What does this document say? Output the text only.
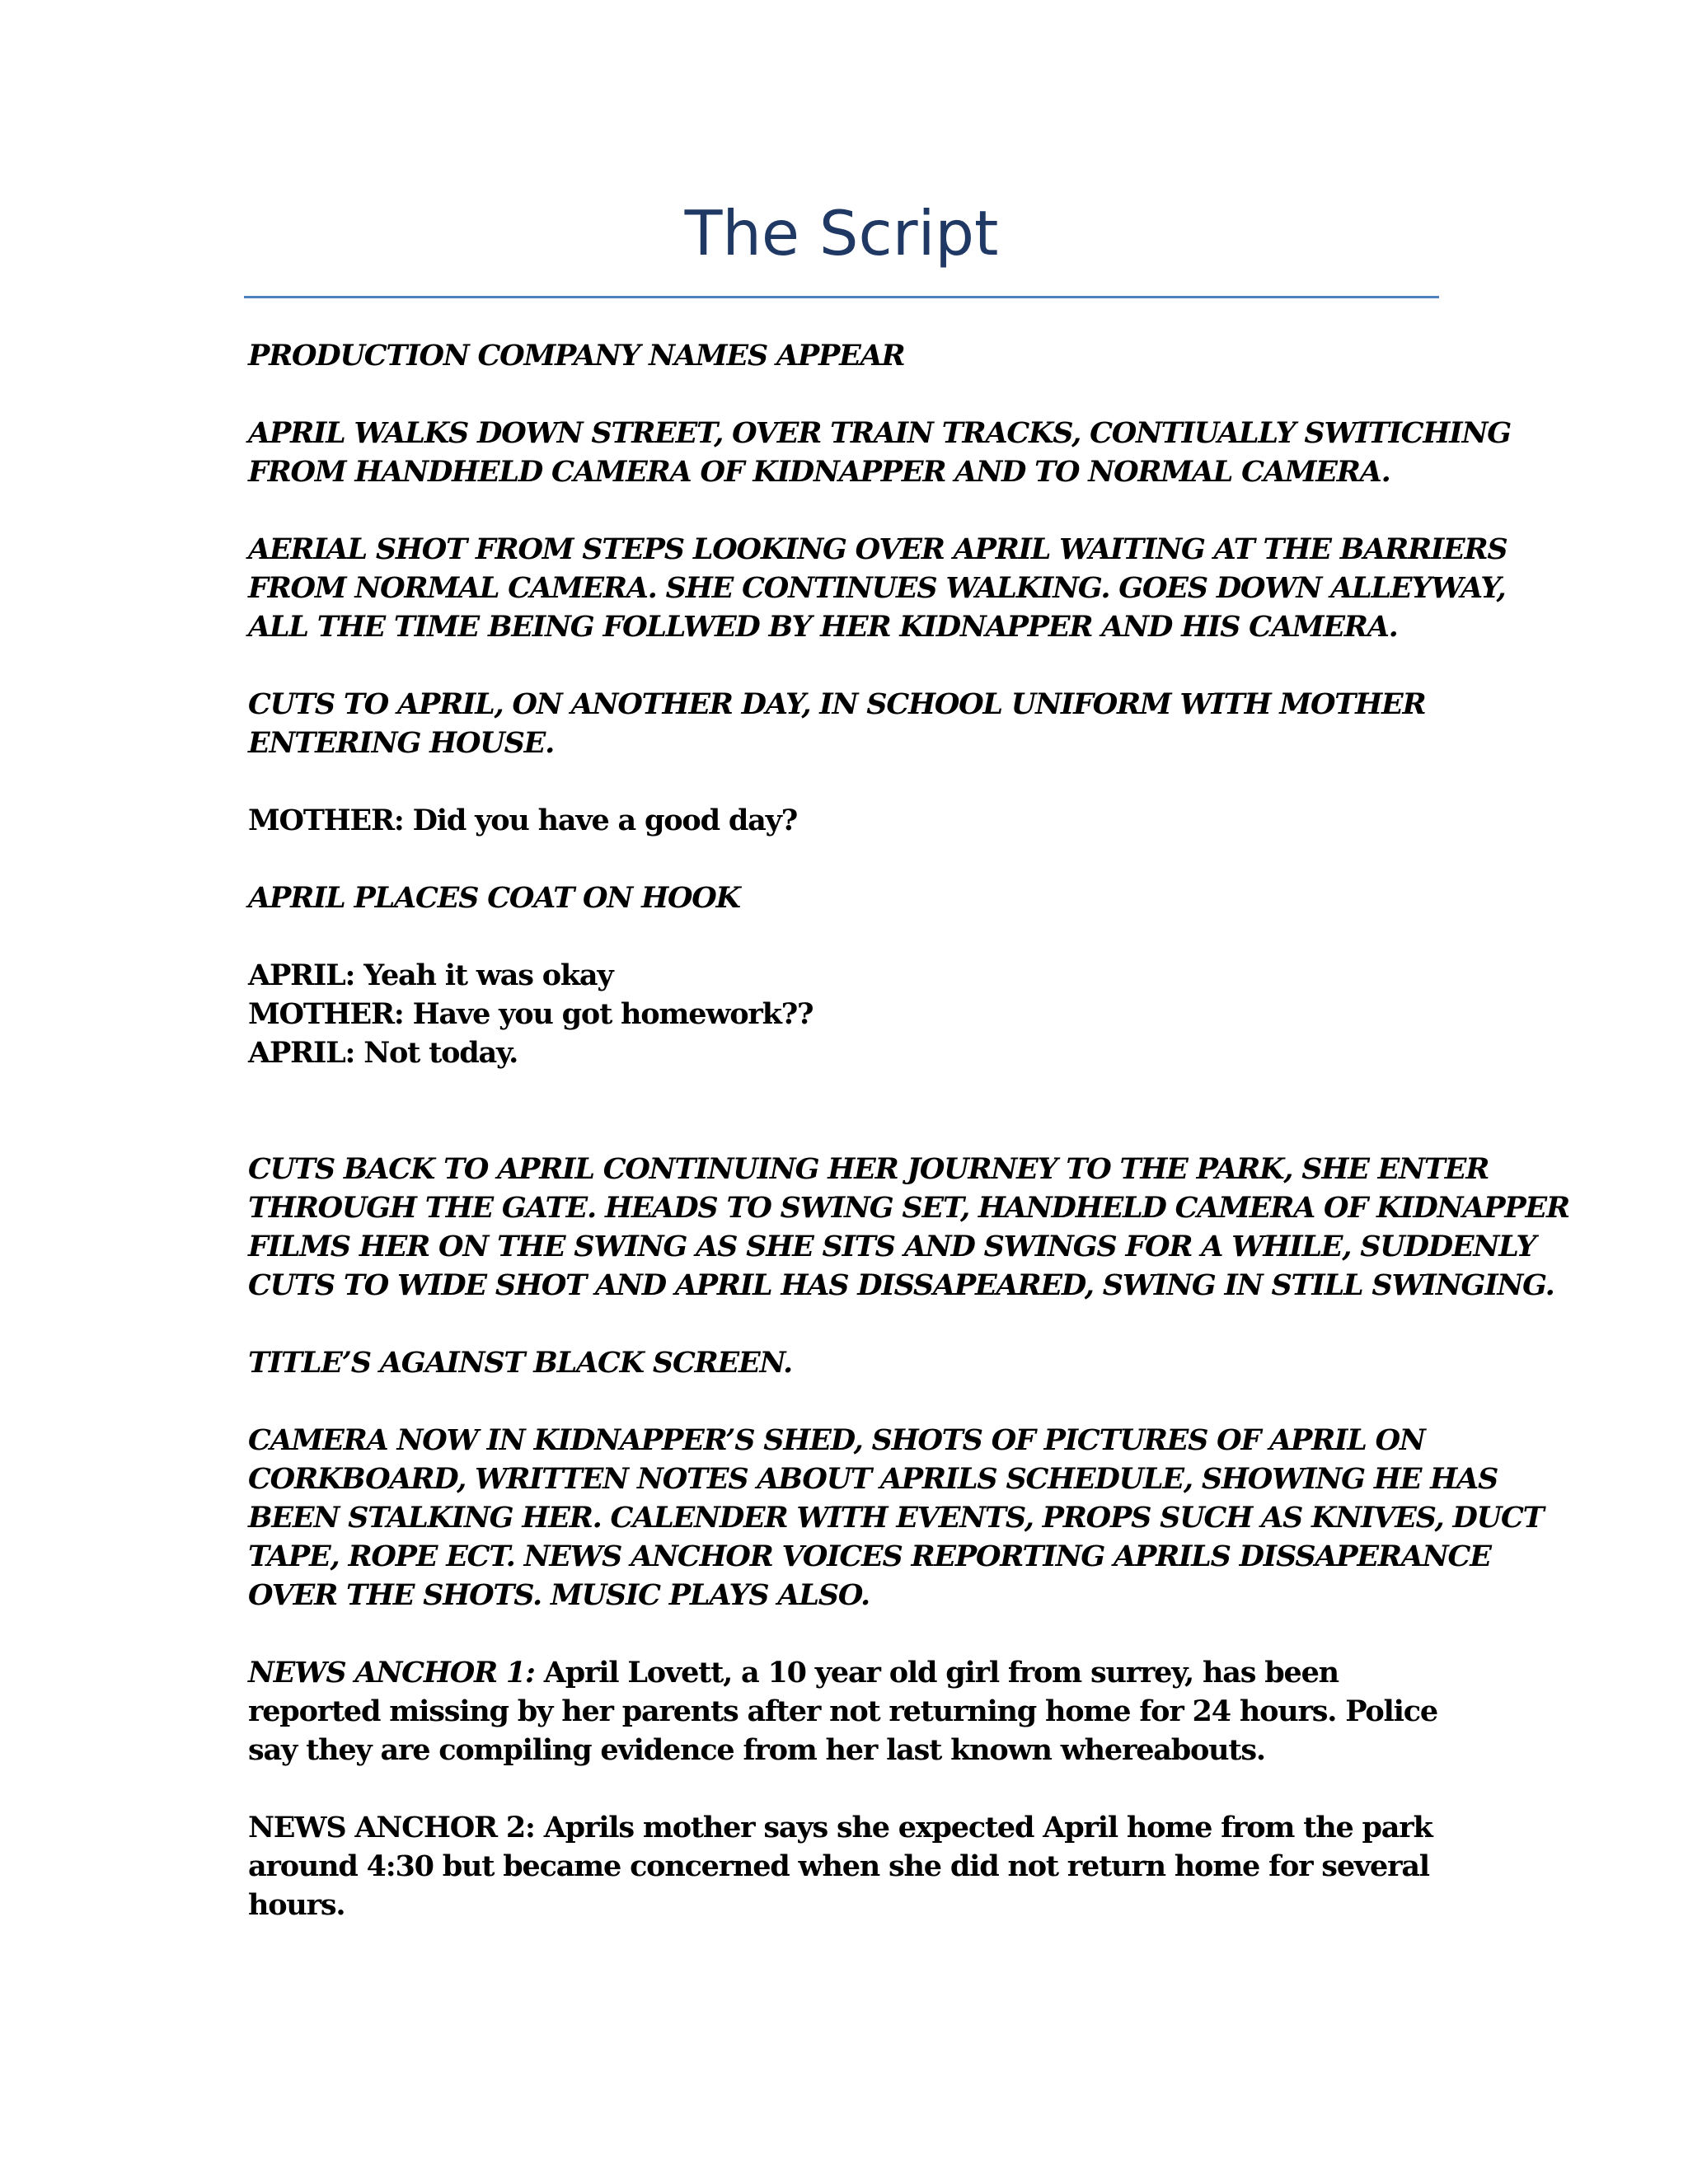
The Script

PRODUCTION COMPANY NAMES APPEAR

APRIL WALKS DOWN STREET, OVER TRAIN TRACKS, CONTIUALLY SWITICHING
FROM HANDHELD CAMERA OF KIDNAPPER AND TO NORMAL CAMERA.

AERIAL SHOT FROM STEPS LOOKING OVER APRIL WAITING AT THE BARRIERS
FROM NORMAL CAMERA. SHE CONTINUES WALKING. GOES DOWN ALLEYWAY,
ALL THE TIME BEING FOLLWED BY HER KIDNAPPER AND HIS CAMERA.

CUTS TO APRIL, ON ANOTHER DAY, IN SCHOOL UNIFORM WITH MOTHER
ENTERING HOUSE.

MOTHER: Did you have a good day?

APRIL PLACES COAT ON HOOK

APRIL: Yeah it was okay
MOTHER: Have you got homework??
APRIL: Not today.

CUTS BACK TO APRIL CONTINUING HER JOURNEY TO THE PARK, SHE ENTER
THROUGH THE GATE. HEADS TO SWING SET, HANDHELD CAMERA OF KIDNAPPER
FILMS HER ON THE SWING AS SHE SITS AND SWINGS FOR A WHILE, SUDDENLY
CUTS TO WIDE SHOT AND APRIL HAS DISSAPEARED, SWING IN STILL SWINGING.

TITLE’S AGAINST BLACK SCREEN.

CAMERA NOW IN KIDNAPPER’S SHED, SHOTS OF PICTURES OF APRIL ON
CORKBOARD, WRITTEN NOTES ABOUT APRILS SCHEDULE, SHOWING HE HAS
BEEN STALKING HER. CALENDER WITH EVENTS, PROPS SUCH AS KNIVES, DUCT
TAPE, ROPE ECT. NEWS ANCHOR VOICES REPORTING APRILS DISSAPERANCE
OVER THE SHOTS. MUSIC PLAYS ALSO.

NEWS ANCHOR 1: April Lovett, a 10 year old girl from surrey, has been
reported missing by her parents after not returning home for 24 hours. Police
say they are compiling evidence from her last known whereabouts.

NEWS ANCHOR 2: Aprils mother says she expected April home from the park
around 4:30 but became concerned when she did not return home for several
hours.
